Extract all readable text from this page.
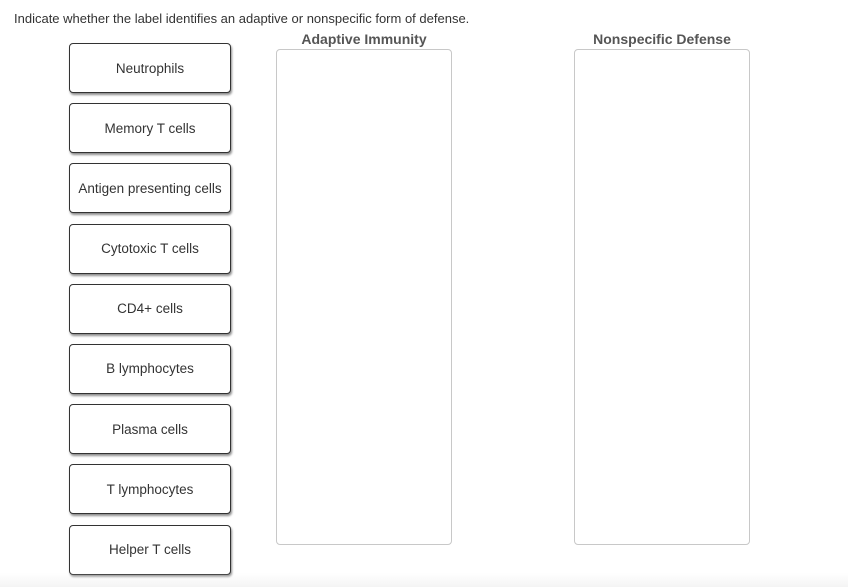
Indicate whether the label identifies an adaptive or nonspecific form of defense.
Neutrophils
Memory T cells
Antigen presenting cells
Cytotoxic T cells
CD4+ cells
B lymphocytes
Plasma cells
T lymphocytes
Helper T cells
Adaptive Immunity	Nonspecific Defense
